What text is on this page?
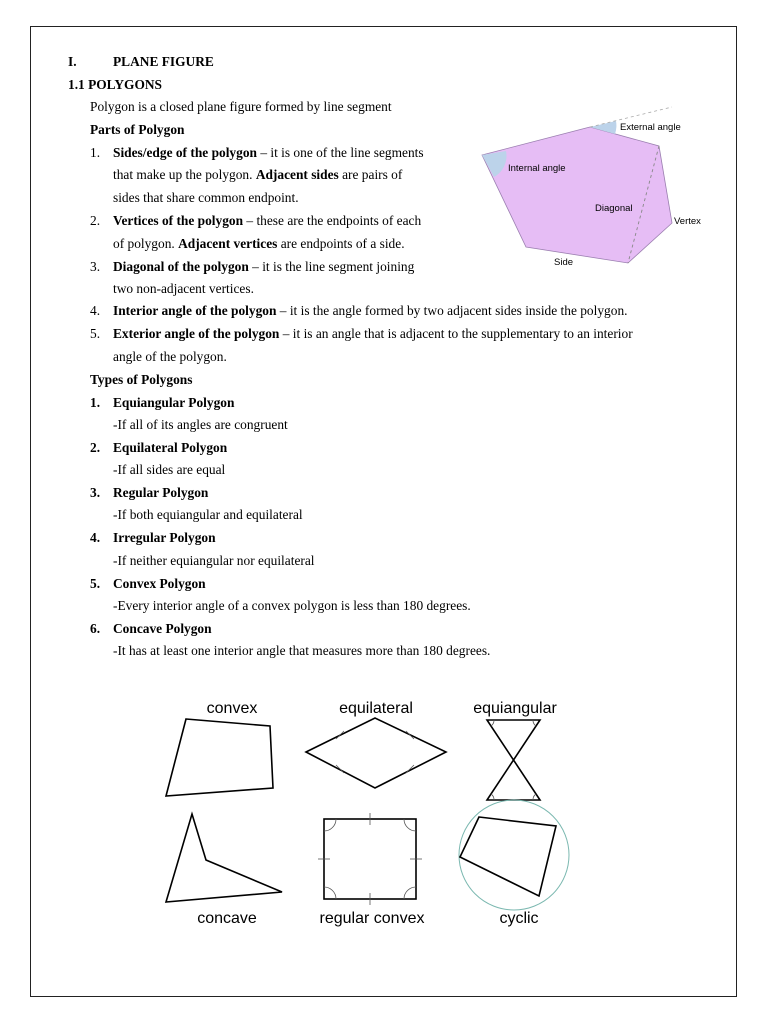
I.	PLANE FIGURE
1.1 POLYGONS
Polygon is a closed plane figure formed by line segment
Parts of Polygon
1. Sides/edge of the polygon – it is one of the line segments
that make up the polygon. Adjacent sides are pairs of
sides that share common endpoint.
2. Vertices of the polygon – these are the endpoints of each
of polygon. Adjacent vertices are endpoints of a side.
3. Diagonal of the polygon – it is the line segment joining
two non-adjacent vertices.
4. Interior angle of the polygon – it is the angle formed by two adjacent sides inside the polygon.
5. Exterior angle of the polygon – it is an angle that is adjacent to the supplementary to an interior
angle of the polygon.
External angle
Internal angle
Diagonal
Vertex
Side
Types of Polygons
1. Equiangular Polygon
-If all of its angles are congruent
2. Equilateral Polygon
-If all sides are equal
3. Regular Polygon
-If both equiangular and equilateral
4. Irregular Polygon
-If neither equiangular nor equilateral
5. Convex Polygon
-Every interior angle of a convex polygon is less than 180 degrees.
6. Concave Polygon
-It has at least one interior angle that measures more than 180 degrees.
convex	equilateral	equiangular
concave	regular convex	cyclic
